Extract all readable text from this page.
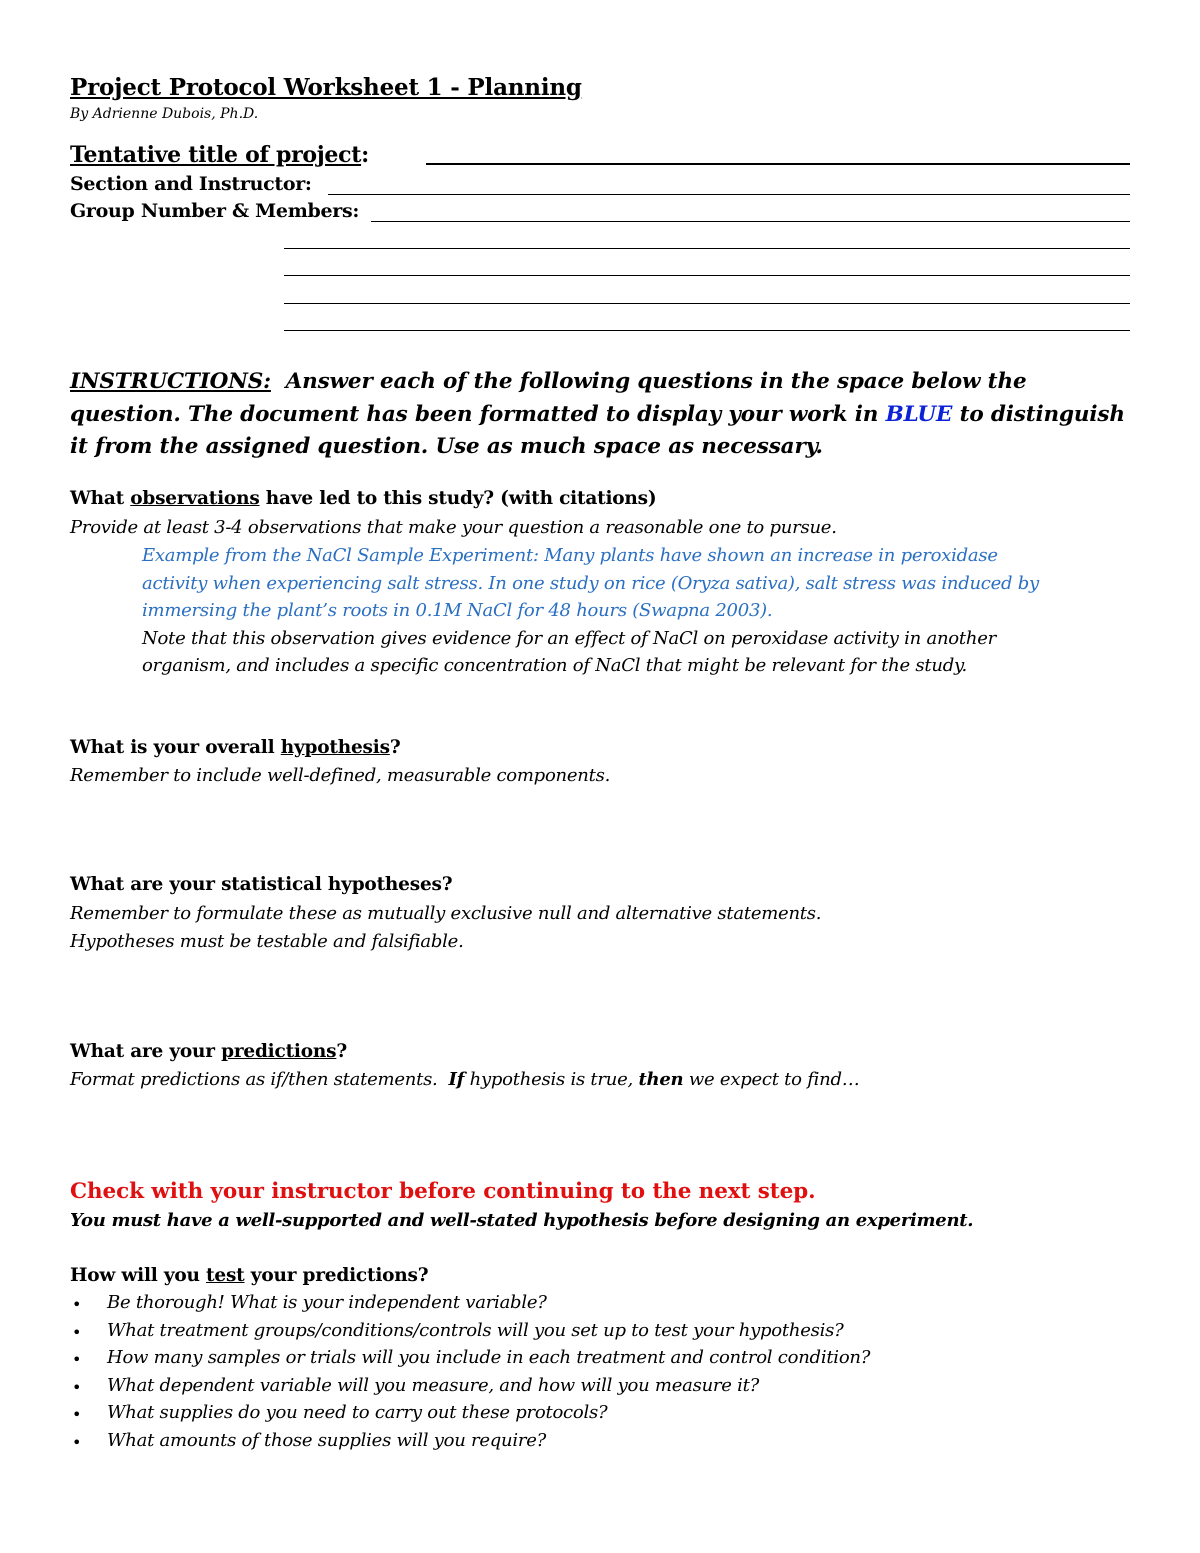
Project Protocol Worksheet 1 - Planning
By Adrienne Dubois, Ph.D.
Tentative title of project:
Section and Instructor:
Group Number & Members:
INSTRUCTIONS: Answer each of the following questions in the space below the question. The document has been formatted to display your work in BLUE to distinguish it from the assigned question. Use as much space as necessary.
What observations have led to this study? (with citations)
Provide at least 3-4 observations that make your question a reasonable one to pursue.
Example from the NaCl Sample Experiment: Many plants have shown an increase in peroxidase
activity when experiencing salt stress. In one study on rice (Oryza sativa), salt stress was induced by
immersing the plant’s roots in 0.1M NaCl for 48 hours (Swapna 2003).
Note that this observation gives evidence for an effect of NaCl on peroxidase activity in another
organism, and includes a specific concentration of NaCl that might be relevant for the study.
What is your overall hypothesis?
Remember to include well-defined, measurable components.
What are your statistical hypotheses?
Remember to formulate these as mutually exclusive null and alternative statements.
Hypotheses must be testable and falsifiable.
What are your predictions?
Format predictions as if/then statements. If hypothesis is true, then we expect to find…
Check with your instructor before continuing to the next step.
You must have a well-supported and well-stated hypothesis before designing an experiment.
How will you test your predictions?
• Be thorough! What is your independent variable?
• What treatment groups/conditions/controls will you set up to test your hypothesis?
• How many samples or trials will you include in each treatment and control condition?
• What dependent variable will you measure, and how will you measure it?
• What supplies do you need to carry out these protocols?
• What amounts of those supplies will you require?
